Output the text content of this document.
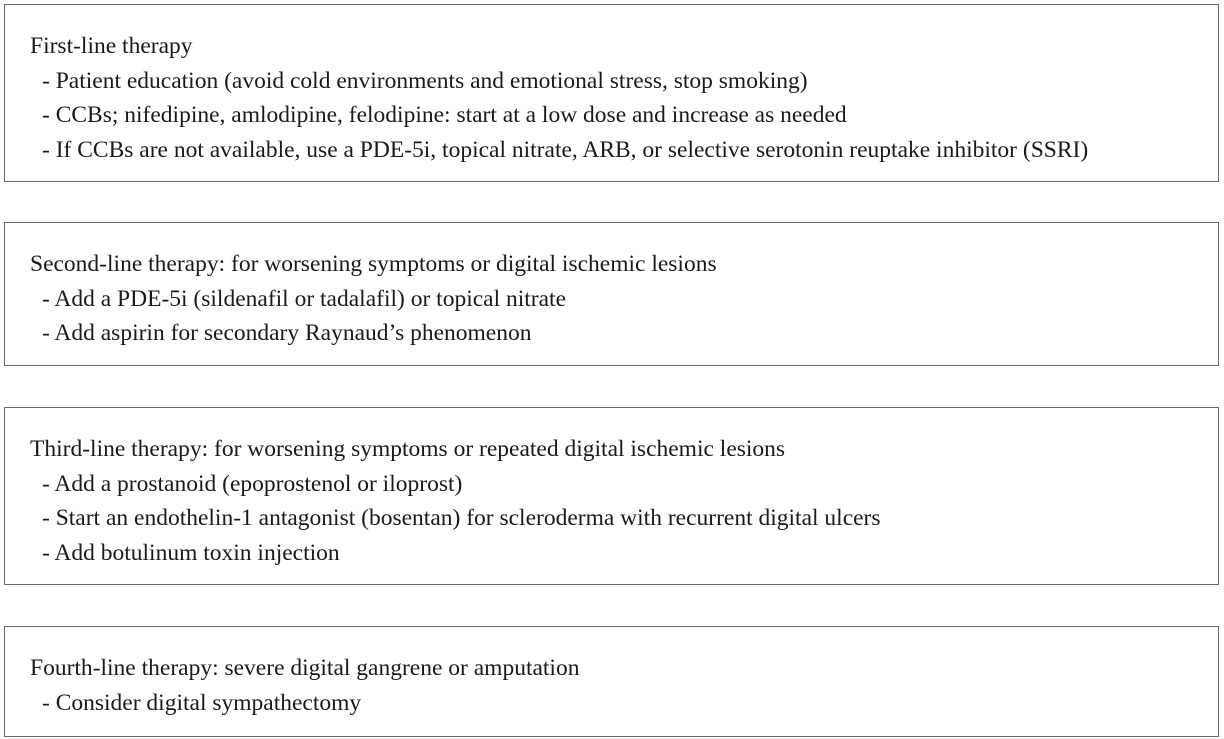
First-line therapy

- Patient education (avoid cold environments and emotional stress, stop smoking)
- CCBs; nifedipine, amlodipine, felodipine: start at a low dose and increase as needed
- If CCBs are not available, use a PDE-5i, topical nitrate, ARB, or selective serotonin reuptake inhibitor (SSRI)

Second-line therapy: for worsening symptoms or digital ischemic lesions

- Add a PDE-5i (sildenafil or tadalafil) or topical nitrate
- Add aspirin for secondary Raynaud’s phenomenon

Third-line therapy: for worsening symptoms or repeated digital ischemic lesions

- Add a prostanoid (epoprostenol or iloprost)
- Start an endothelin-1 antagonist (bosentan) for scleroderma with recurrent digital ulcers
- Add botulinum toxin injection

Fourth-line therapy: severe digital gangrene or amputation

- Consider digital sympathectomy
